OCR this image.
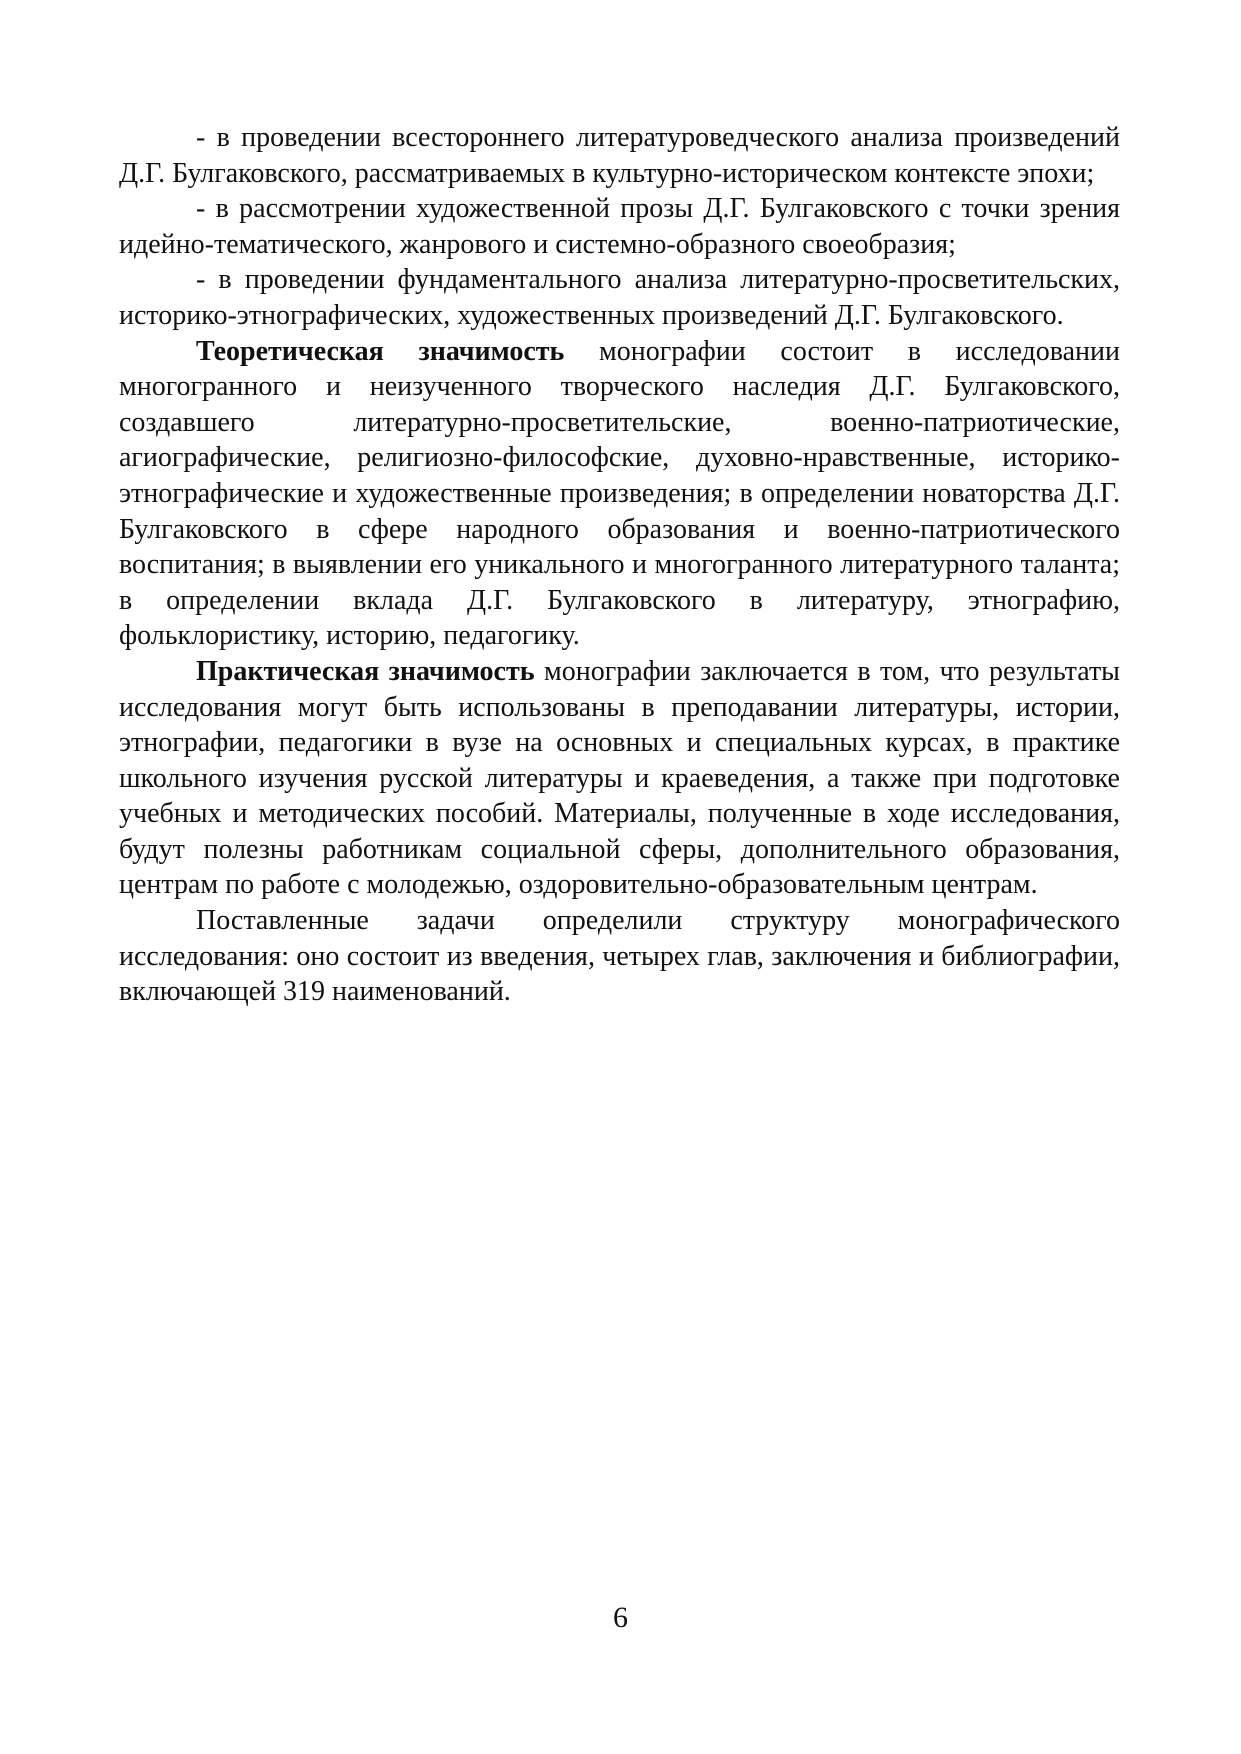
- в проведении всестороннего литературоведческого анализа произведений Д.Г. Булгаковского, рассматриваемых в культурно-историческом контексте эпохи;

- в рассмотрении художественной прозы Д.Г. Булгаковского с точки зрения идейно-тематического, жанрового и системно-образного своеобразия;

- в проведении фундаментального анализа литературно-просветительских, историко-этнографических, художественных произведений Д.Г. Булгаковского.

Теоретическая значимость монографии состоит в исследовании многогранного и неизученного творческого наследия Д.Г. Булгаковского, создавшего литературно-просветительские, военно-патриотические, агиографические, религиозно-философские, духовно-нравственные, историко-этнографические и художественные произведения; в определении новаторства Д.Г. Булгаковского в сфере народного образования и военно-патриотического воспитания; в выявлении его уникального и многогранного литературного таланта; в определении вклада Д.Г. Булгаковского в литературу, этнографию, фольклористику, историю, педагогику.

Практическая значимость монографии заключается в том, что результаты исследования могут быть использованы в преподавании литературы, истории, этнографии, педагогики в вузе на основных и специальных курсах, в практике школьного изучения русской литературы и краеведения, а также при подготовке учебных и методических пособий. Материалы, полученные в ходе исследования, будут полезны работникам социальной сферы, дополнительного образования, центрам по работе с молодежью, оздоровительно-образовательным центрам.

Поставленные задачи определили структуру монографического исследования: оно состоит из введения, четырех глав, заключения и библиографии, включающей 319 наименований.

6
